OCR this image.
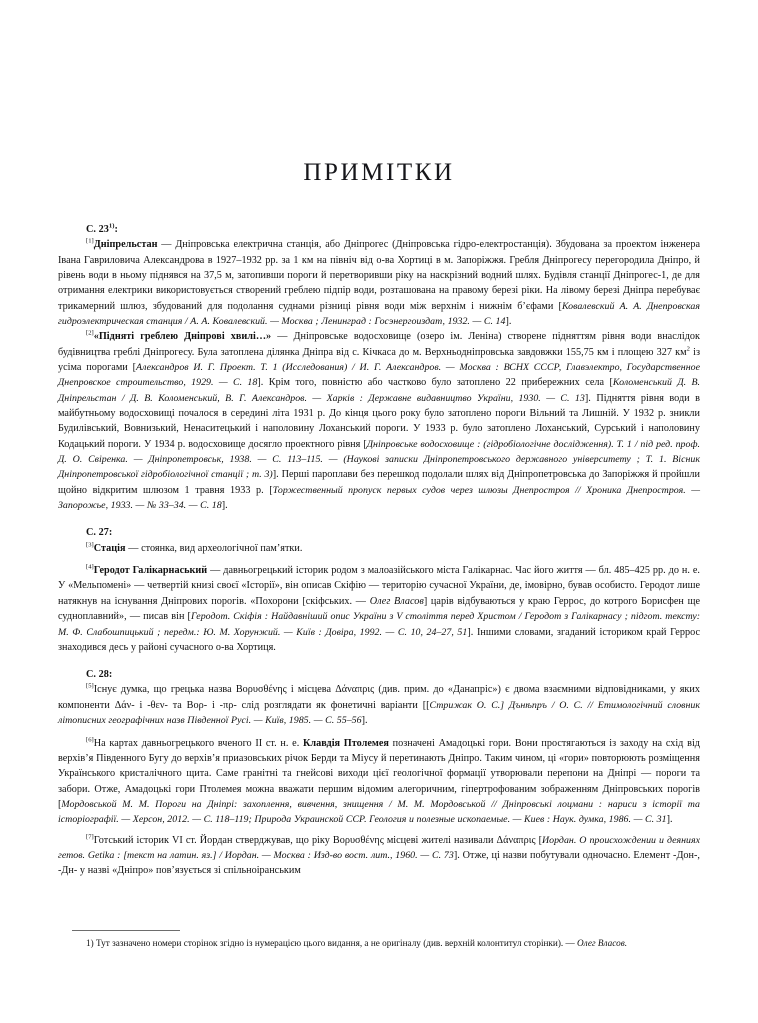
ПРИМІТКИ
С. 23$^{1)}$:

[1]Дніпрельстан — Дніпровська електрична станція, або Дніпрогес (Дніпровська гідро-електростанція). Збудована за проектом інженера Івана Гавриловича Александрова в 1927–1932 рр. за 1 км на північ від о-ва Хортиці в м. Запоріжжя. Гребля Дніпрогесу перегородила Дніпро, й рівень води в ньому піднявся на 37,5 м, затопивши пороги й перетворивши ріку на наскрізний водний шлях. Будівля станції Дніпрогес-1, де для отримання електрики використовується створений греблею підпір води, розташована на правому березі ріки. На лівому березі Дніпра перебуває трикамерний шлюз, збудований для подолання суднами різниці рівня води між верхнім і нижнім б’єфами [Ковалевский А. А. Днепровская гидроэлектрическая станция / А. А. Ковалевский. — Москва ; Ленинград : Госэнергоиздат, 1932. — С. 14].

[2]«Підняті греблею Дніпрові хвилі…» — Дніпровське водосховище (озеро ім. Леніна) створене підняттям рівня води внаслідок будівництва греблі Дніпрогесу. Була затоплена ділянка Дніпра від с. Кічкаса до м. Верхньодніпровська завдовжки 155,75 км і площею 327 $км^2$ із усіма порогами [Александров И. Г. Проект. Т. 1 (Исследования) / И. Г. Александров. — Москва : ВСНХ СССР, Главэлектро, Государственное Днепровское строительство, 1929. — С. 18]. Крім того, повністю або частково було затоплено 22 прибережних села [Коломенський Д. В. Дніпрельстан / Д. В. Коломенський, В. Г. Александров. — Харків : Державне видавництво України, 1930. — С. 13]. Підняття рівня води в майбутньому водосховищі почалося в середині літа 1931 р. До кінця цього року було затоплено пороги Вільний та Лишній. У 1932 р. зникли Будилівський, Вовнизький, Ненаситецький і наполовину Лоханський пороги. У 1933 р. було затоплено Лоханський, Сурський і наполовину Кодацький пороги. У 1934 р. водосховище досягло проектного рівня [Дніпровське водосховище : (гідробіологічне дослідження). Т. 1 / під ред. проф. Д. О. Свіренка. — Дніпропетровськ, 1938. — С. 113–115. — (Наукові записки Дніпропетровського державного університету ; Т. 1. Вісник Дніпропетровської гідробіологічної станції ; т. 3)]. Перші пароплави без перешкод подолали шлях від Дніпропетровська до Запоріжжя й пройшли щойно відкритим шлюзом 1 травня 1933 р. [Торжественный пропуск первых судов через шлюзы Днепростроя // Хроника Днепростроя. — Запорожье, 1933. — № 33–34. — С. 18].

С. 27:

[3]Стація — стоянка, вид археологічної пам’ятки.

[4]Геродот Галікарнаський — давньогрецький історик родом з малоазійського міста Галікарнас. Час його життя — бл. 485–425 рр. до н. е. У «Мельпомені» — четвертій книзі своєї «Історії», він описав Скіфію — територію сучасної України, де, імовірно, бував особисто. Геродот лише натякнув на існування Дніпрових порогів. «Похорони [скіфських. — Олег Власов] царів відбуваються у краю Геррос, до котрого Борисфен ще судноплавний», — писав він [Геродот. Скіфія : Найдавніший опис України з V століття перед Христом / Геродот з Галікарнасу ; підгот. тексту: М. Ф. Слабошпицький ; передм.: Ю. М. Хорунжий. — Київ : Довіра, 1992. — С. 10, 24–27, 51]. Іншими словами, згаданий істориком край Геррос знаходився десь у районі сучасного о-ва Хортиця.

С. 28:

[5]Існує думка, що грецька назва Βορυσθένης і місцева Δάναπρις (див. прим. до «Данапріс») є двома взаємними відповідниками, у яких компоненти Δάν- і -θεν- та Βορ- і -πρ- слід розглядати як фонетичні варіанти [[Стрижак О. С.] Дънѣпръ / О. С. // Етимологічний словник літописних географічних назв Південної Русі. — Київ, 1985. — С. 55–56].

[6]На картах давньогрецького вченого II ст. н. е. Клавдія Птолемея позначені Амадоцькі гори. Вони простягаються із заходу на схід від верхів’я Південного Бугу до верхів’я приазовських річок Берди та Міусу й перетинають Дніпро. Таким чином, ці «гори» повторюють розміщення Українського кристалічного щита. Саме гранітні та гнейсові виходи цієї геологічної формації утворювали перепони на Дніпрі — пороги та забори. Отже, Амадоцькі гори Птолемея можна вважати першим відомим алегоричним, гіпертрофованим зображенням Дніпровських порогів [Мордовськой М. М. Пороги на Дніпрі: захоплення, вивчення, знищення / М. М. Мордовськой // Дніпровські лоцмани : нариси з історії та історіографії. — Херсон, 2012. — С. 118–119; Природа Украинской ССР. Геология и полезные ископаемые. — Киев : Наук. думка, 1986. — С. 31].

[7]Готський історик VI ст. Йордан стверджував, що ріку Βορυσθένης місцеві жителі називали Δάναπρις [Иордан. О происхождении и деяниях гетов. Getika : [текст на латин. яз.] / Иордан. — Москва : Изд-во вост. лит., 1960. — С. 73]. Отже, ці назви побутували одночасно. Елемент -Дон-, -Дн- у назві «Дніпро» пов’язується зі спільноіранським

1) Тут зазначено номери сторінок згідно із нумерацією цього видання, а не оригіналу (див. верхній колонтитул сторінки). — Олег Власов.
